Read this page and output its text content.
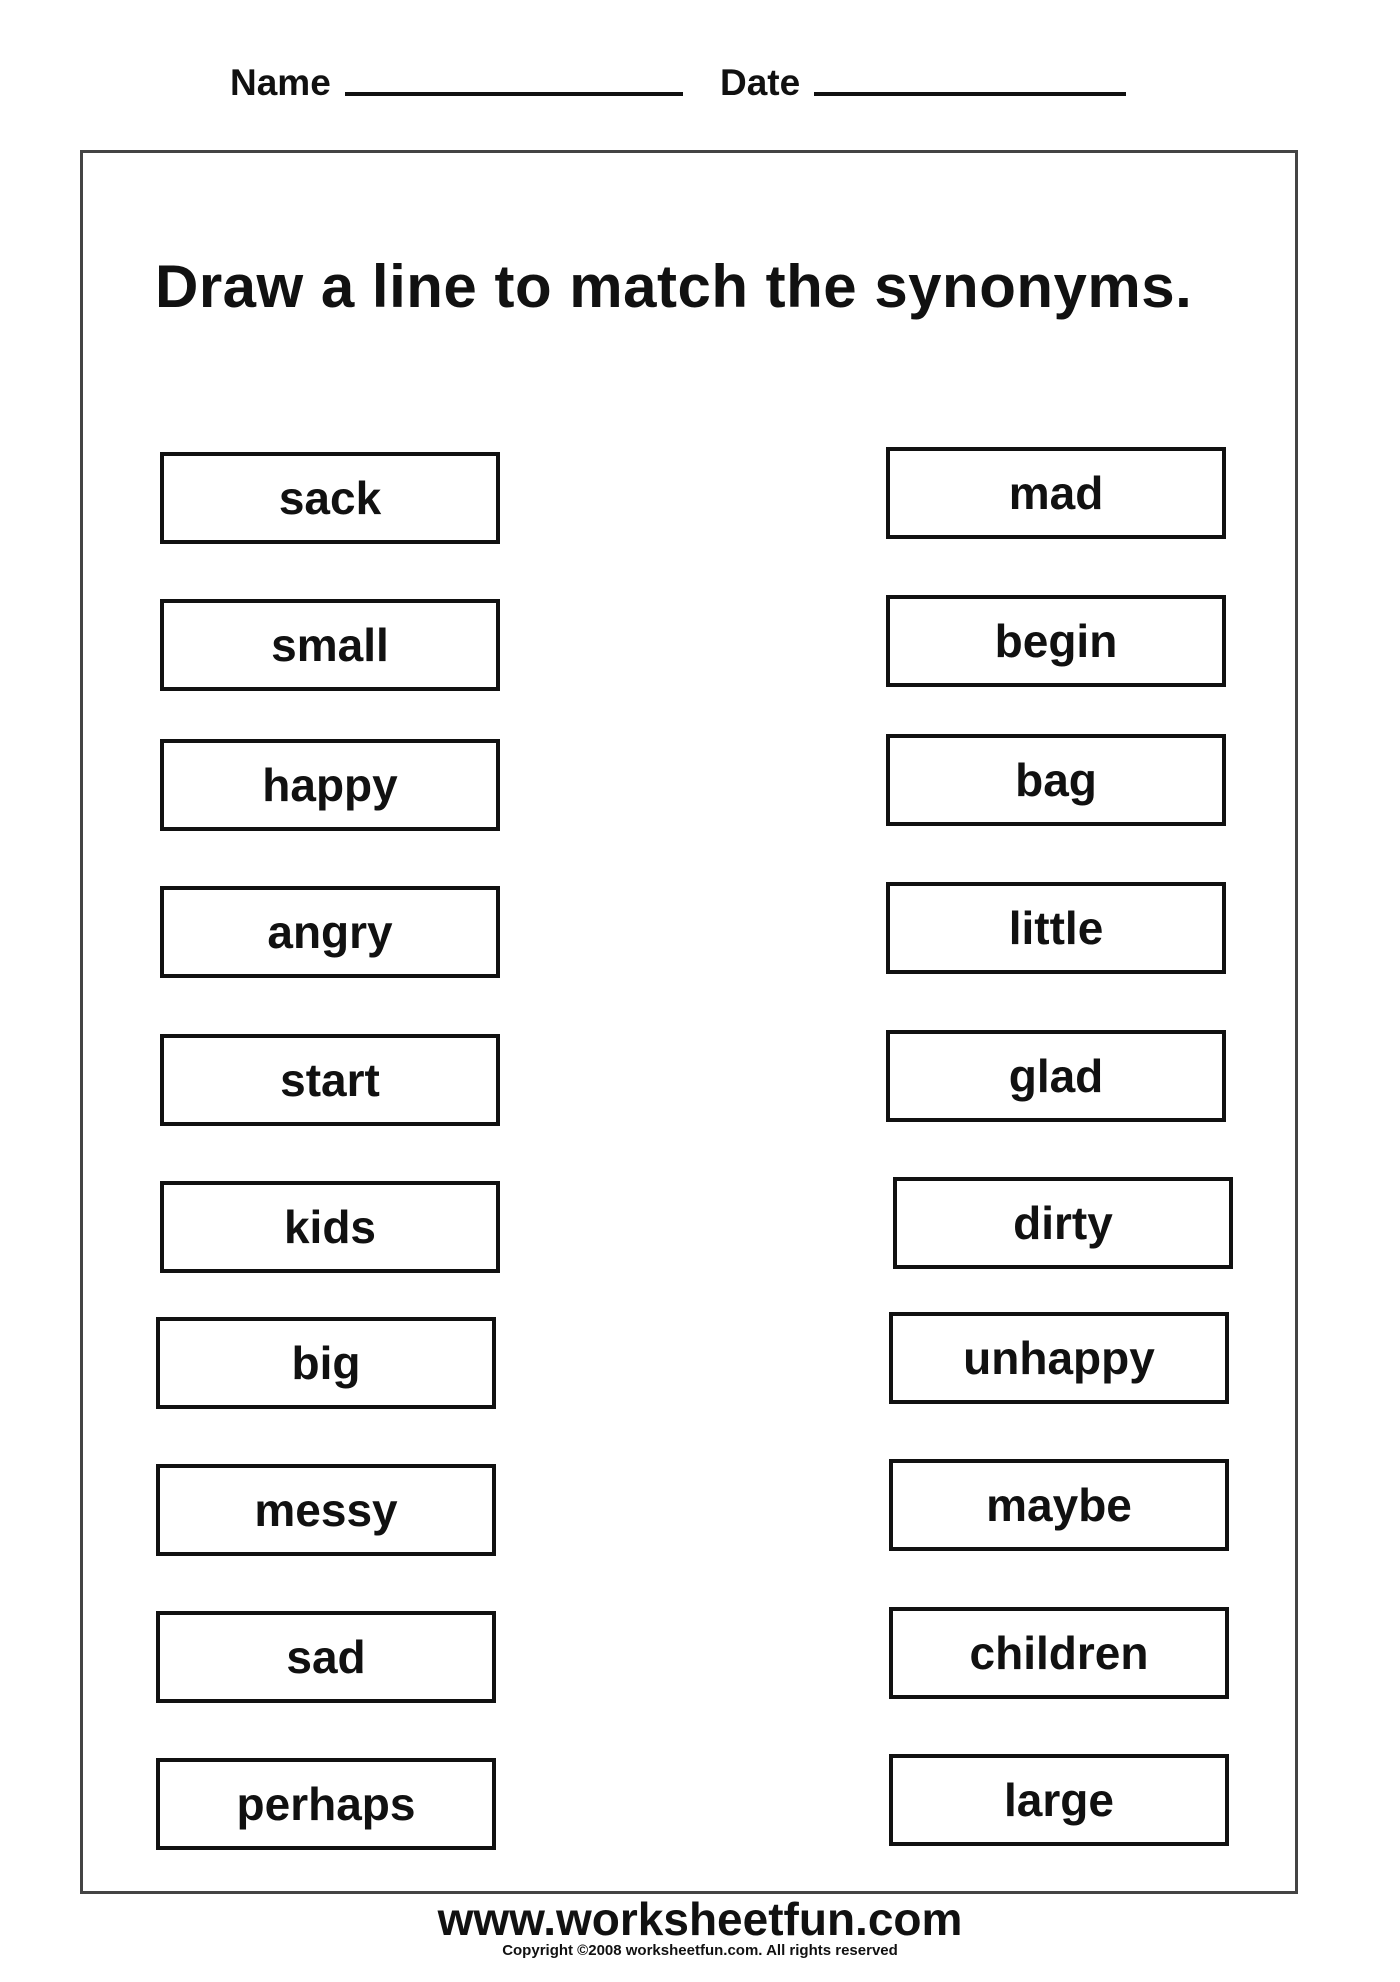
Name	Date
Draw a line to match the synonyms.
sack
small
happy
angry
start
kids
big
messy
sad
perhaps
mad
begin
bag
little
glad
dirty
unhappy
maybe
children
large
www.worksheetfun.com
Copyright ©2008 worksheetfun.com. All rights reserved
